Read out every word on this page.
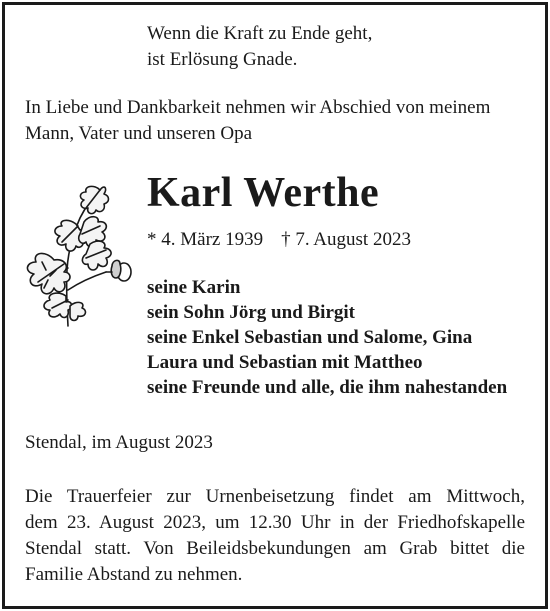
Wenn die Kraft zu Ende geht,
ist Erlösung Gnade.
In Liebe und Dankbarkeit nehmen wir Abschied von meinem
Mann, Vater und unseren Opa
Karl Werthe
* 4. März 1939 † 7. August 2023
seine Karin
sein Sohn Jörg und Birgit
seine Enkel Sebastian und Salome, Gina
Laura und Sebastian mit Mattheo
seine Freunde und alle, die ihm nahestanden
Stendal, im August 2023
Die Trauerfeier zur Urnenbeisetzung findet am Mittwoch,
dem 23. August 2023, um 12.30 Uhr in der Friedhofskapelle
Stendal statt. Von Beileidsbekundungen am Grab bittet die
Familie Abstand zu nehmen.
